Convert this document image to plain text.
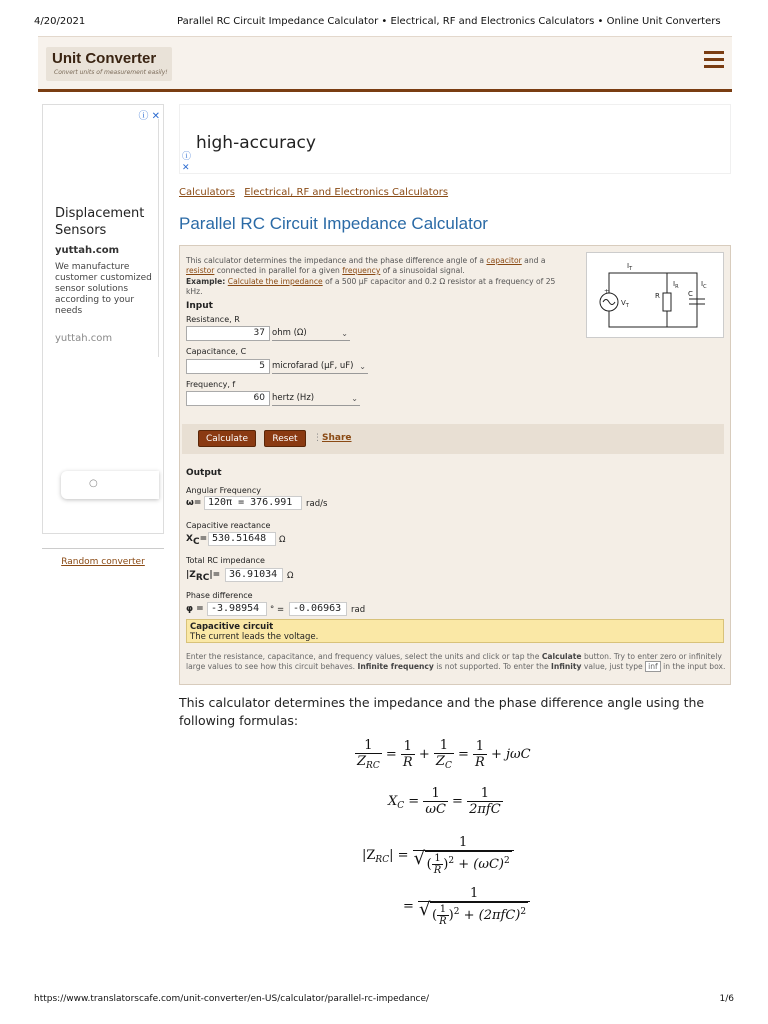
4/20/2021	Parallel RC Circuit Impedance Calculator • Electrical, RF and Electronics Calculators • Online Unit Converters
Unit Converter
Convert units of measurement easily!
ⓘ ✕
Displacement Sensors
yuttah.com
We manufacture customer customized sensor solutions according to your needs
yuttah.com
○
Random converter
high-accuracy
ⓘ
✕
Calculators Electrical, RF and Electronics Calculators
Parallel RC Circuit Impedance Calculator
This calculator determines the impedance and the phase difference angle of a capacitor and a resistor connected in parallel for a given frequency of a sinusoidal signal.
Example: Calculate the impedance of a 500 µF capacitor and 0.2 Ω resistor at a frequency of 25 kHz.
$I_T$
$I_R$	$I_C$
R	C
$V_T$
+
Input
Resistance, R
37 ohm (Ω)	⌄
Capacitance, C
5 microfarad (µF, uF) ⌄
Frequency, f
60 hertz (Hz)	⌄
Calculate	Reset	⋮ Share
Output
Angular Frequency
ω= 120π = 376.991	rad/s
Capacitive reactance
XC= 530.51648	Ω
Total RC impedance
|ZRC|= 36.91034	Ω
Phase difference
φ = -3.98954	° = -0.06963	rad
Capacitive circuit
The current leads the voltage.
Enter the resistance, capacitance, and frequency values, select the units and click or tap the Calculate button. Try to enter zero or infinitely large values to see how this circuit behaves. Infinite frequency is not supported. To enter the Infinity value, just type inf in the input box.
This calculator determines the impedance and the phase difference angle using the following formulas:
$\frac{1}{Z_{RC}} = \frac{1}{R} + \frac{1}{Z_C} = \frac{1}{R} + j\omega C$
$X_C = \frac{1}{\omega C} = \frac{1}{\text{2πfC}}$
$|Z_{RC}| = 1$
√ ( $\frac{1}{R} )^2 + (\omega C)^2$
= 1
√ ( $\frac{1}{R} )^2 + (2\pi fC)^2$
https://www.translatorscafe.com/unit-converter/en-US/calculator/parallel-rc-impedance/	1/6
